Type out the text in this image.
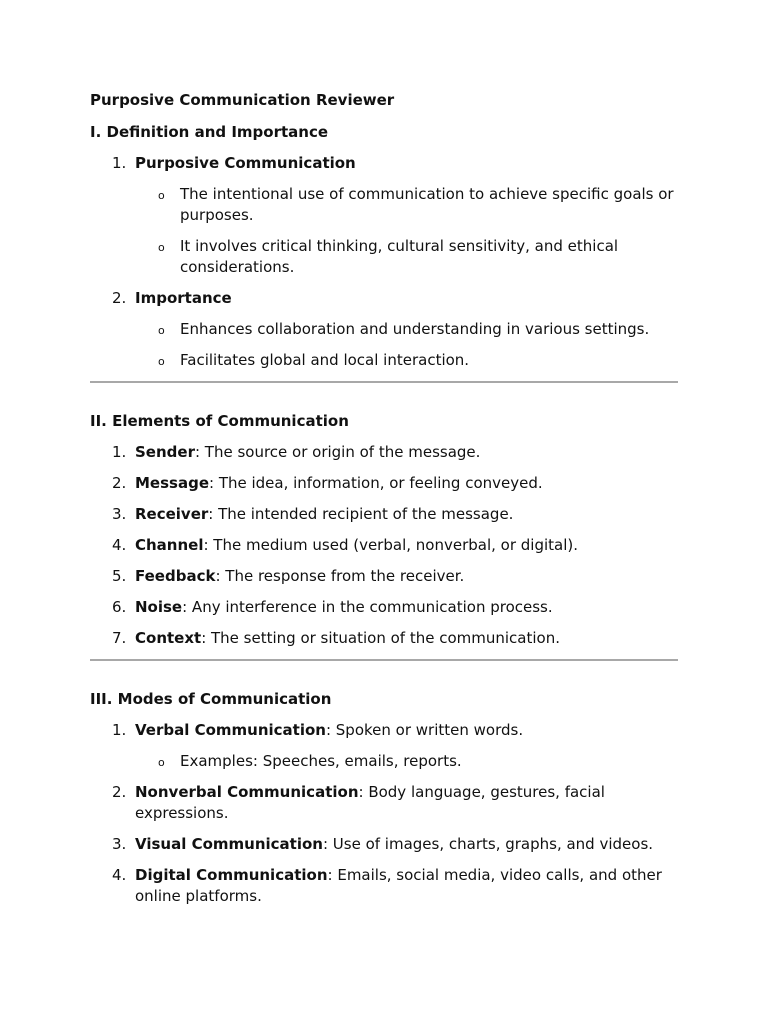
Purposive Communication Reviewer
I. Definition and Importance
1. Purposive Communication
o The intentional use of communication to achieve specific goals or purposes.
o It involves critical thinking, cultural sensitivity, and ethical considerations.
2. Importance
o Enhances collaboration and understanding in various settings.
o Facilitates global and local interaction.
II. Elements of Communication
1. Sender: The source or origin of the message.
2. Message: The idea, information, or feeling conveyed.
3. Receiver: The intended recipient of the message.
4. Channel: The medium used (verbal, nonverbal, or digital).
5. Feedback: The response from the receiver.
6. Noise: Any interference in the communication process.
7. Context: The setting or situation of the communication.
III. Modes of Communication
1. Verbal Communication: Spoken or written words.
o Examples: Speeches, emails, reports.
2. Nonverbal Communication: Body language, gestures, facial expressions.
3. Visual Communication: Use of images, charts, graphs, and videos.
4. Digital Communication: Emails, social media, video calls, and other online platforms.
